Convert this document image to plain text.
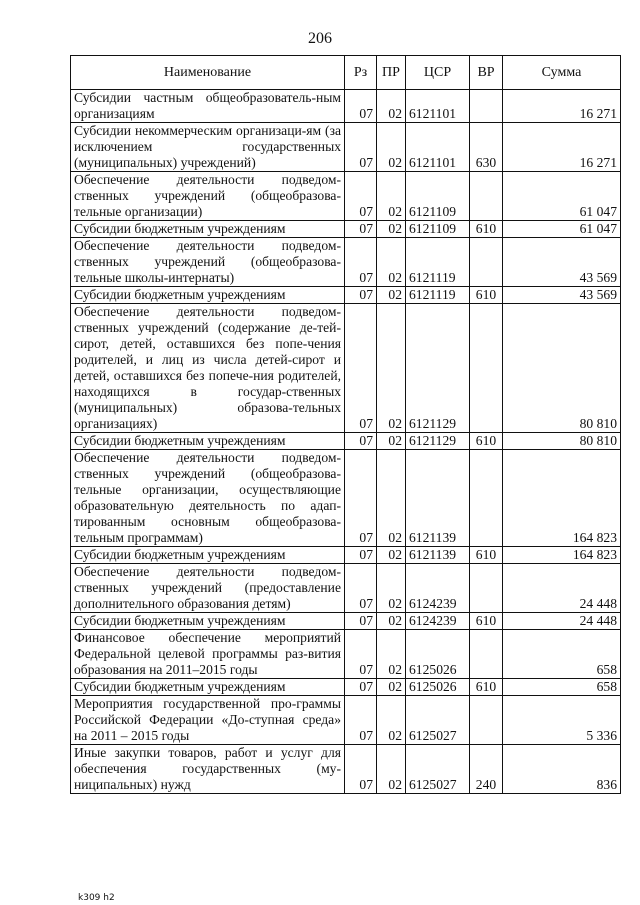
206
Наименование	Рз	ПР	ЦСР	ВР	Сумма
Субсидии частным общеобразователь-ным организациям	07	02	6121101		16 271
Субсидии некоммерческим организаци-ям (за исключением государственных (муниципальных) учреждений)	07	02	6121101	630	16 271
Обеспечение деятельности подведом-ственных учреждений (общеобразова-тельные организации)	07	02	6121109		61 047
Субсидии бюджетным учреждениям	07	02	6121109	610	61 047
Обеспечение деятельности подведом-ственных учреждений (общеобразова-тельные школы-интернаты)	07	02	6121119		43 569
Субсидии бюджетным учреждениям	07	02	6121119	610	43 569
Обеспечение деятельности подведом-ственных учреждений (содержание де-тей-сирот, детей, оставшихся без попе-чения родителей, и лиц из числа детей-сирот и детей, оставшихся без попече-ния родителей, находящихся в государ-ственных (муниципальных) образова-тельных организациях)	07	02	6121129		80 810
Субсидии бюджетным учреждениям	07	02	6121129	610	80 810
Обеспечение деятельности подведом-ственных учреждений (общеобразова-тельные организации, осуществляющие образовательную деятельность по адап-тированным основным общеобразова-тельным программам)	07	02	6121139		164 823
Субсидии бюджетным учреждениям	07	02	6121139	610	164 823
Обеспечение деятельности подведом-ственных учреждений (предоставление дополнительного образования детям)	07	02	6124239		24 448
Субсидии бюджетным учреждениям	07	02	6124239	610	24 448
Финансовое обеспечение мероприятий Федеральной целевой программы раз-вития образования на 2011–2015 годы	07	02	6125026		658
Субсидии бюджетным учреждениям	07	02	6125026	610	658
Мероприятия государственной про-граммы Российской Федерации «До-ступная среда» на 2011 – 2015 годы	07	02	6125027		5 336
Иные закупки товаров, работ и услуг для обеспечения государственных (му-ниципальных) нужд	07	02	6125027	240	836
k309 h2
